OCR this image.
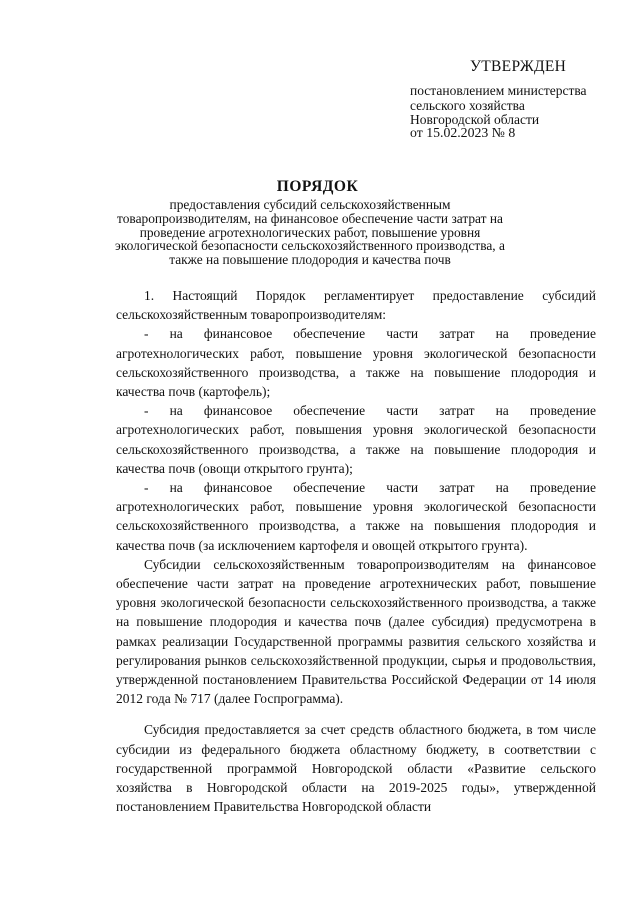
УТВЕРЖДЕН
постановлением министерства
сельского хозяйства
Новгородской области
от 15.02.2023 № 8
ПОРЯДОК
предоставления субсидий сельскохозяйственным товаропроизводителям, на финансовое обеспечение части затрат на проведение агротехнологических работ, повышение уровня экологической безопасности сельскохозяйственного производства, а также на повышение плодородия и качества почв

1. Настоящий Порядок регламентирует предоставление субсидий сельскохозяйственным товаропроизводителям:

- на финансовое обеспечение части затрат на проведение агротехнологических работ, повышение уровня экологической безопасности сельскохозяйственного производства, а также на повышение плодородия и качества почв (картофель);

- на финансовое обеспечение части затрат на проведение агротехнологических работ, повышения уровня экологической безопасности сельскохозяйственного производства, а также на повышение плодородия и качества почв (овощи открытого грунта);

- на финансовое обеспечение части затрат на проведение агротехнологических работ, повышение уровня экологической безопасности сельскохозяйственного производства, а также на повышения плодородия и качества почв (за исключением картофеля и овощей открытого грунта).

Субсидии сельскохозяйственным товаропроизводителям на финансовое обеспечение части затрат на проведение агротехнических работ, повышение уровня экологической безопасности сельскохозяйственного производства, а также на повышение плодородия и качества почв (далее субсидия) предусмотрена в рамках реализации Государственной программы развития сельского хозяйства и регулирования рынков сельскохозяйственной продукции, сырья и продовольствия, утвержденной постановлением Правительства Российской Федерации от 14 июля 2012 года № 717 (далее Госпрограмма).

Субсидия предоставляется за счет средств областного бюджета, в том числе субсидии из федерального бюджета областному бюджету, в соответствии с государственной программой Новгородской области «Развитие сельского хозяйства в Новгородской области на 2019-2025 годы», утвержденной постановлением Правительства Новгородской области
